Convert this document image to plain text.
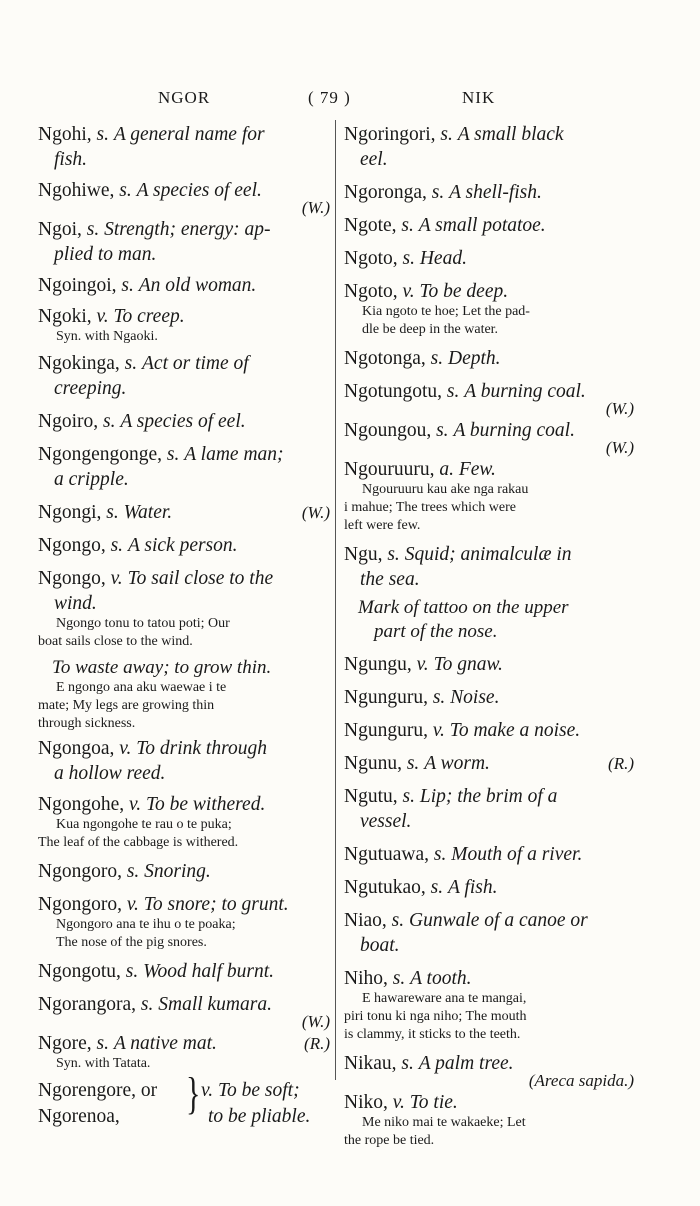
NGOR	( 79 )	NIK
Ngohi, s. A general name for
fish.
Ngohiwe, s. A species of eel.
(W.)
Ngoi, s. Strength; energy: ap-
plied to man.
Ngoingoi, s. An old woman.
Ngoki, v. To creep.
Syn. with Ngaoki.
Ngokinga, s. Act or time of
creeping.
Ngoiro, s. A species of eel.
Ngongengonge, s. A lame man;
a cripple.
Ngongi, s. Water.	(W.)
Ngongo, s. A sick person.
Ngongo, v. To sail close to the
wind.
Ngongo tonu to tatou poti; Our
boat sails close to the wind.
To waste away; to grow thin.
E ngongo ana aku waewae i te
mate; My legs are growing thin
through sickness.
Ngongoa, v. To drink through
a hollow reed.
Ngongohe, v. To be withered.
Kua ngongohe te rau o te puka;
The leaf of the cabbage is withered.
Ngongoro, s. Snoring.
Ngongoro, v. To snore; to grunt.
Ngongoro ana te ihu o te poaka;
The nose of the pig snores.
Ngongotu, s. Wood half burnt.
Ngorangora, s. Small kumara.
(W.)
Ngore, s. A native mat.	(R.)
Syn. with Tatata.
Ngorengore, or
Ngorenoa, } v. To be soft;
to be pliable.
Ngoringori, s. A small black
eel.
Ngoronga, s. A shell-fish.
Ngote, s. A small potatoe.
Ngoto, s. Head.
Ngoto, v. To be deep.
Kia ngoto te hoe; Let the pad-
dle be deep in the water.
Ngotonga, s. Depth.
Ngotungotu, s. A burning coal.
(W.)
Ngoungou, s. A burning coal.
(W.)
Ngouruuru, a. Few.
Ngouruuru kau ake nga rakau
i mahue; The trees which were
left were few.
Ngu, s. Squid; animalculæ in
the sea.
Mark of tattoo on the upper
part of the nose.
Ngungu, v. To gnaw.
Ngunguru, s. Noise.
Ngunguru, v. To make a noise.
Ngunu, s. A worm.	(R.)
Ngutu, s. Lip; the brim of a
vessel.
Ngutuawa, s. Mouth of a river.
Ngutukao, s. A fish.
Niao, s. Gunwale of a canoe or
boat.
Niho, s. A tooth.
E hawareware ana te mangai,
piri tonu ki nga niho; The mouth
is clammy, it sticks to the teeth.
Nikau, s. A palm tree.
(Areca sapida.)
Niko, v. To tie.
Me niko mai te wakaeke; Let
the rope be tied.
